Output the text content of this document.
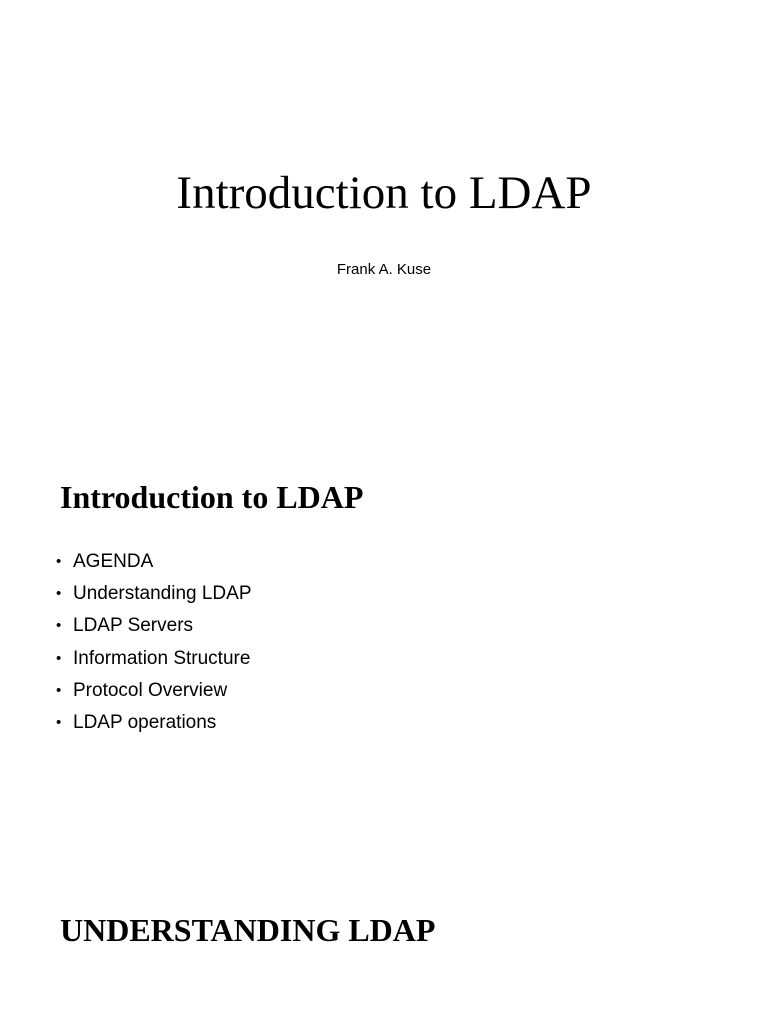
Introduction to LDAP

Frank A. Kuse

Introduction to LDAP
• AGENDA
• Understanding LDAP
• LDAP Servers
• Information Structure
• Protocol Overview
• LDAP operations
UNDERSTANDING LDAP
